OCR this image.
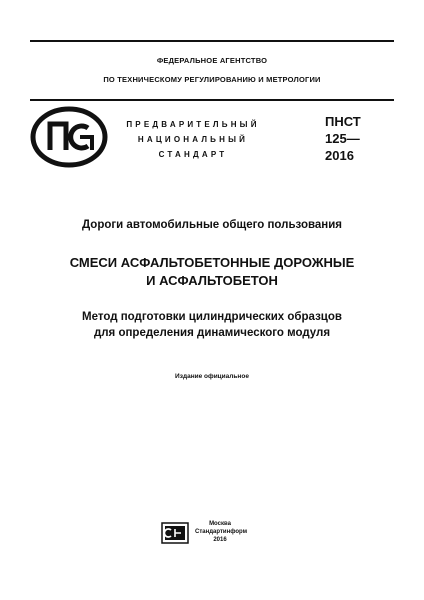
ФЕДЕРАЛЬНОЕ АГЕНТСТВО
ПО ТЕХНИЧЕСКОМУ РЕГУЛИРОВАНИЮ И МЕТРОЛОГИИ
ПРЕДВАРИТЕЛЬНЫЙ
НАЦИОНАЛЬНЫЙ
СТАНДАРТ
ПНСТ
125—
2016
Дороги автомобильные общего пользования
СМЕСИ АСФАЛЬТОБЕТОННЫЕ ДОРОЖНЫЕ
И АСФАЛЬТОБЕТОН
Метод подготовки цилиндрических образцов
для определения динамического модуля
Издание официальное
Москва
Стандартинформ
2016
